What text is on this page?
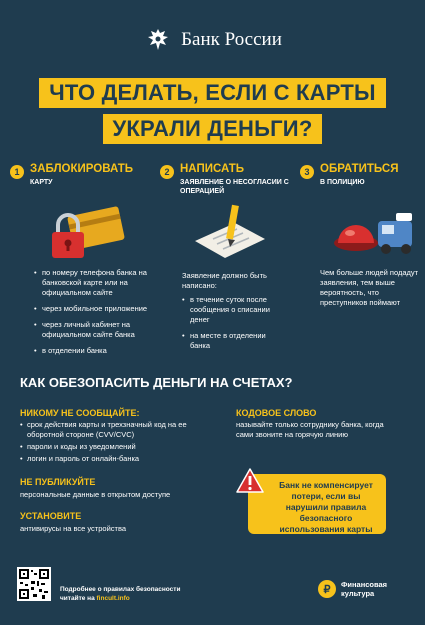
Банк России
ЧТО ДЕЛАТЬ, ЕСЛИ С КАРТЫ
УКРАЛИ ДЕНЬГИ?
1 ЗАБЛОКИРОВАТЬ
КАРТУ
2 НАПИСАТЬ
ЗАЯВЛЕНИЕ О НЕСОГЛАСИИ С ОПЕРАЦИЕЙ
3 ОБРАТИТЬСЯ
В ПОЛИЦИЮ
• по номеру телефона банка на банковской карте или на официальном сайте
• через мобильное приложение
• через личный кабинет на официальном сайте банка
• в отделении банка
Заявление должно быть написано:
• в течение суток после сообщения о списании денег
• на месте в отделении банка
Чем больше людей подадут заявления, тем выше вероятность, что преступников поймают
КАК ОБЕЗОПАСИТЬ ДЕНЬГИ НА СЧЕТАХ?
НИКОМУ НЕ СООБЩАЙТЕ:
• срок действия карты и трехзначный код на ее оборотной стороне (CVV/CVC)
• пароли и коды из уведомлений
• логин и пароль от онлайн-банка
НЕ ПУБЛИКУЙТЕ
персональные данные в открытом доступе
УСТАНОВИТЕ
антивирусы на все устройства
КОДОВОЕ СЛОВО
называйте только сотруднику банка, когда сами звоните на горячую линию
Банк не компенсирует потери, если вы нарушили правила безопасного использования карты
Подробнее о правилах безопасности
читайте на fincult.info
₽	Финансовая
культура
